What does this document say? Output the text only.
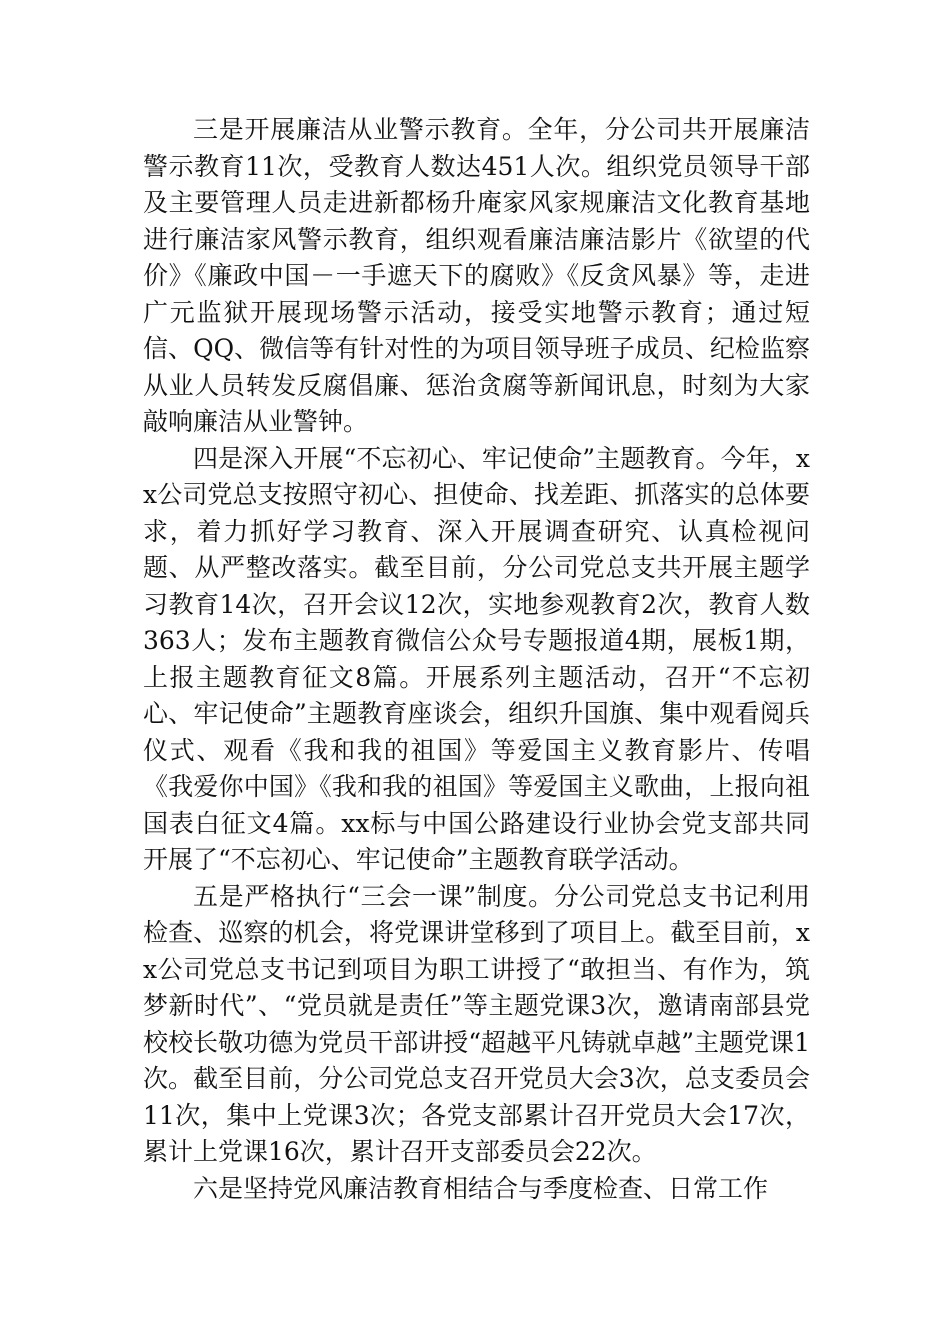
三是开展廉洁从业警示教育。全年，分公司共开展廉洁警示教育11次，受教育人数达451人次。组织党员领导干部及主要管理人员走进新都杨升庵家风家规廉洁文化教育基地进行廉洁家风警示教育，组织观看廉洁廉洁影片《欲望的代价》《廉政中国－一手遮天下的腐败》《反贪风暴》等，走进广元监狱开展现场警示活动，接受实地警示教育；通过短信、QQ、微信等有针对性的为项目领导班子成员、纪检监察从业人员转发反腐倡廉、惩治贪腐等新闻讯息，时刻为大家敲响廉洁从业警钟。

四是深入开展“不忘初心、牢记使命”主题教育。今年，xx公司党总支按照守初心、担使命、找差距、抓落实的总体要求，着力抓好学习教育、深入开展调查研究、认真检视问题、从严整改落实。截至目前，分公司党总支共开展主题学习教育14次，召开会议12次，实地参观教育2次，教育人数363人；发布主题教育微信公众号专题报道4期，展板1期，上报主题教育征文8篇。开展系列主题活动，召开“不忘初心、牢记使命”主题教育座谈会，组织升国旗、集中观看阅兵仪式、观看《我和我的祖国》等爱国主义教育影片、传唱《我爱你中国》《我和我的祖国》等爱国主义歌曲，上报向祖国表白征文4篇。xx标与中国公路建设行业协会党支部共同开展了“不忘初心、牢记使命”主题教育联学活动。

五是严格执行“三会一课”制度。分公司党总支书记利用检查、巡察的机会，将党课讲堂移到了项目上。截至目前，xx公司党总支书记到项目为职工讲授了“敢担当、有作为，筑梦新时代”、“党员就是责任”等主题党课3次，邀请南部县党校校长敬功德为党员干部讲授“超越平凡铸就卓越”主题党课1次。截至目前，分公司党总支召开党员大会3次，总支委员会11次，集中上党课3次；各党支部累计召开党员大会17次，累计上党课16次，累计召开支部委员会22次。

六是坚持党风廉洁教育相结合与季度检查、日常工作
